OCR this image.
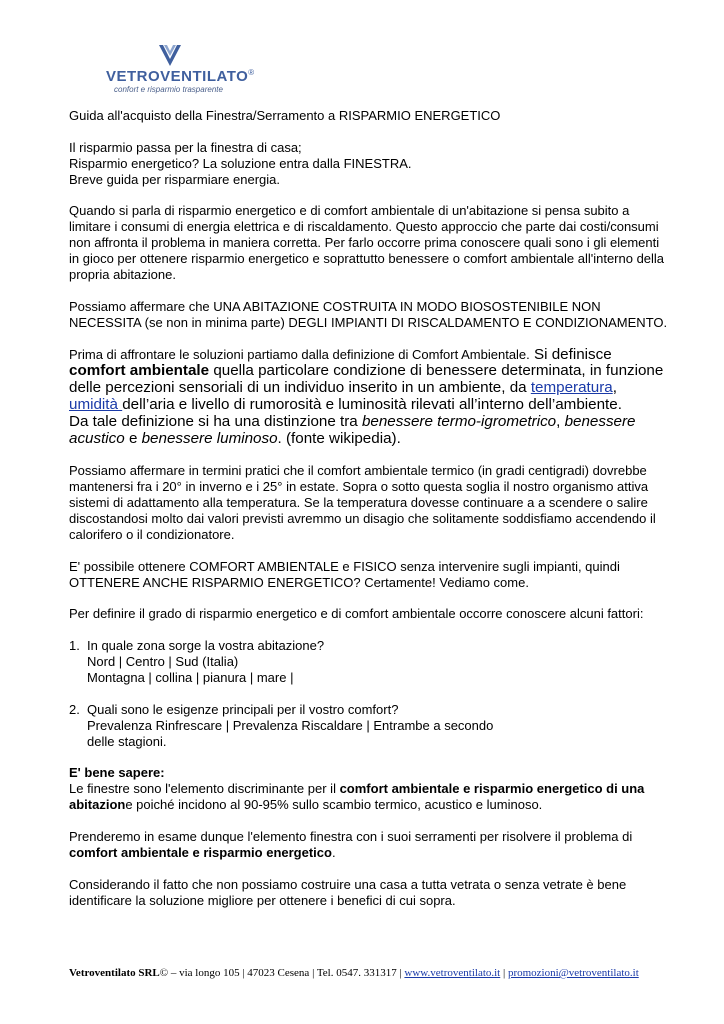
VETROVENTILATO®
confort e risparmio trasparente

Guida all'acquisto della Finestra/Serramento a RISPARMIO ENERGETICO

Il risparmio passa per la finestra di casa;

Risparmio energetico? La soluzione entra dalla FINESTRA.

Breve guida per risparmiare energia.

Quando si parla di risparmio energetico e di comfort ambientale di un'abitazione si pensa subito a limitare i consumi di energia elettrica e di riscaldamento. Questo approccio che parte dai costi/consumi non affronta il problema in maniera corretta. Per farlo occorre prima conoscere quali sono i gli elementi in gioco per ottenere risparmio energetico e soprattutto benessere o comfort ambientale all'interno della propria abitazione.

Possiamo affermare che UNA ABITAZIONE COSTRUITA IN MODO BIOSOSTENIBILE NON NECESSITA (se non in minima parte) DEGLI IMPIANTI DI RISCALDAMENTO E CONDIZIONAMENTO.

Prima di affrontare le soluzioni partiamo dalla definizione di Comfort Ambientale. Si definisce

comfort ambientale quella particolare condizione di benessere determinata, in funzione delle percezioni sensoriali di un individuo inserito in un ambiente, da temperatura, umidità dell’aria e livello di rumorosità e luminosità rilevati all’interno dell’ambiente.

Da tale definizione si ha una distinzione tra benessere termo-igrometrico, benessere acustico e benessere luminoso. (fonte wikipedia).

Possiamo affermare in termini pratici che il comfort ambientale termico (in gradi centigradi) dovrebbe mantenersi fra i 20° in inverno e i 25° in estate. Sopra o sotto questa soglia il nostro organismo attiva sistemi di adattamento alla temperatura. Se la temperatura dovesse continuare a a scendere o salire discostandosi molto dai valori previsti avremmo un disagio che solitamente soddisfiamo accendendo il calorifero o il condizionatore.

E' possibile ottenere COMFORT AMBIENTALE e FISICO senza intervenire sugli impianti, quindi

OTTENERE ANCHE RISPARMIO ENERGETICO? Certamente! Vediamo come.

Per definire il grado di risparmio energetico e di comfort ambientale occorre conoscere alcuni fattori:

1. In quale zona sorge la vostra abitazione?

Nord | Centro | Sud (Italia)

Montagna | collina | pianura | mare |

2. Quali sono le esigenze principali per il vostro comfort?

Prevalenza Rinfrescare | Prevalenza Riscaldare | Entrambe a secondo

delle stagioni.

E' bene sapere:

Le finestre sono l'elemento discriminante per il comfort ambientale e risparmio energetico di una abitazione poiché incidono al 90-95% sullo scambio termico, acustico e luminoso.

Prenderemo in esame dunque l'elemento finestra con i suoi serramenti per risolvere il problema di comfort ambientale e risparmio energetico.

Considerando il fatto che non possiamo costruire una casa a tutta vetrata o senza vetrate è bene identificare la soluzione migliore per ottenere i benefici di cui sopra.

Vetroventilato SRL© – via longo 105 | 47023 Cesena | Tel. 0547. 331317 | www.vetroventilato.it | promozioni@vetroventilato.it
